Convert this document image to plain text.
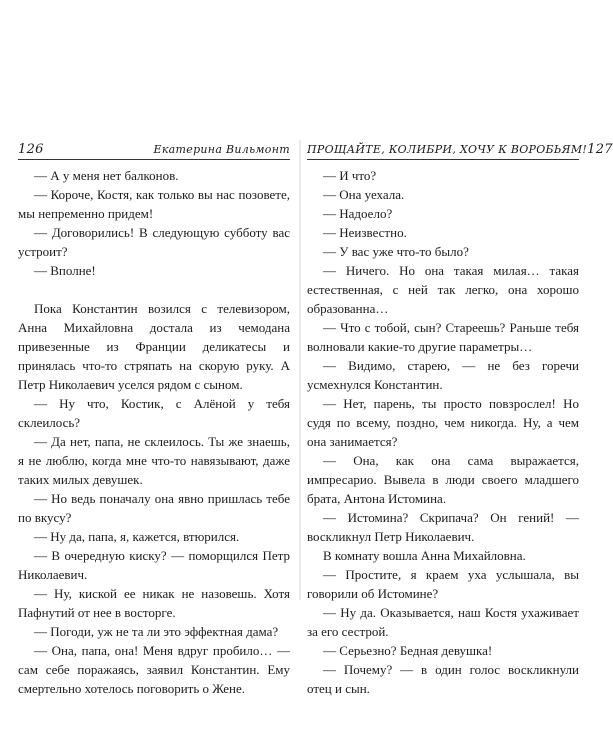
126	Екатерина Вильмонт

— А у меня нет балконов.

— Короче, Костя, как только вы нас позовете, мы непременно придем!

— Договорились! В следующую субботу вас устроит?

— Вполне!

Пока Константин возился с телевизором, Анна Михайловна достала из чемодана привезенные из Франции деликатесы и принялась что-то стряпать на скорую руку. А Петр Николаевич уселся рядом с сыном.

— Ну что, Костик, с Алёной у тебя склеилось?

— Да нет, папа, не склеилось. Ты же знаешь, я не люблю, когда мне что-то навязывают, даже таких милых девушек.

— Но ведь поначалу она явно пришлась тебе по вкусу?

— Ну да, папа, я, кажется, втюрился.

— В очередную киску? — поморщился Петр Николаевич.

— Ну, киской ее никак не назовешь. Хотя Пафнутий от нее в восторге.

— Погоди, уж не та ли это эффектная дама?

— Она, папа, она! Меня вдруг пробило… — сам себе поражаясь, заявил Константин. Ему смертельно хотелось поговорить о Жене.

ПРОЩАЙТЕ, КОЛИБРИ, ХОЧУ К ВОРОБЬЯМ! 127

— И что?

— Она уехала.

— Надоело?

— Неизвестно.

— У вас уже что-то было?

— Ничего. Но она такая милая… такая естественная, с ней так легко, она хорошо образованна…

— Что с тобой, сын? Стареешь? Раньше тебя волновали какие-то другие параметры…

— Видимо, старею, — не без горечи усмехнулся Константин.

— Нет, парень, ты просто повзрослел! Но судя по всему, поздно, чем никогда. Ну, а чем она занимается?

— Она, как она сама выражается, импресарио. Вывела в люди своего младшего брата, Антона Истомина.

— Истомина? Скрипача? Он гений! — воскликнул Петр Николаевич.

В комнату вошла Анна Михайловна.

— Простите, я краем уха услышала, вы говорили об Истомине?

— Ну да. Оказывается, наш Костя ухаживает за его сестрой.

— Серьезно? Бедная девушка!

— Почему? — в один голос воскликнули отец и сын.
